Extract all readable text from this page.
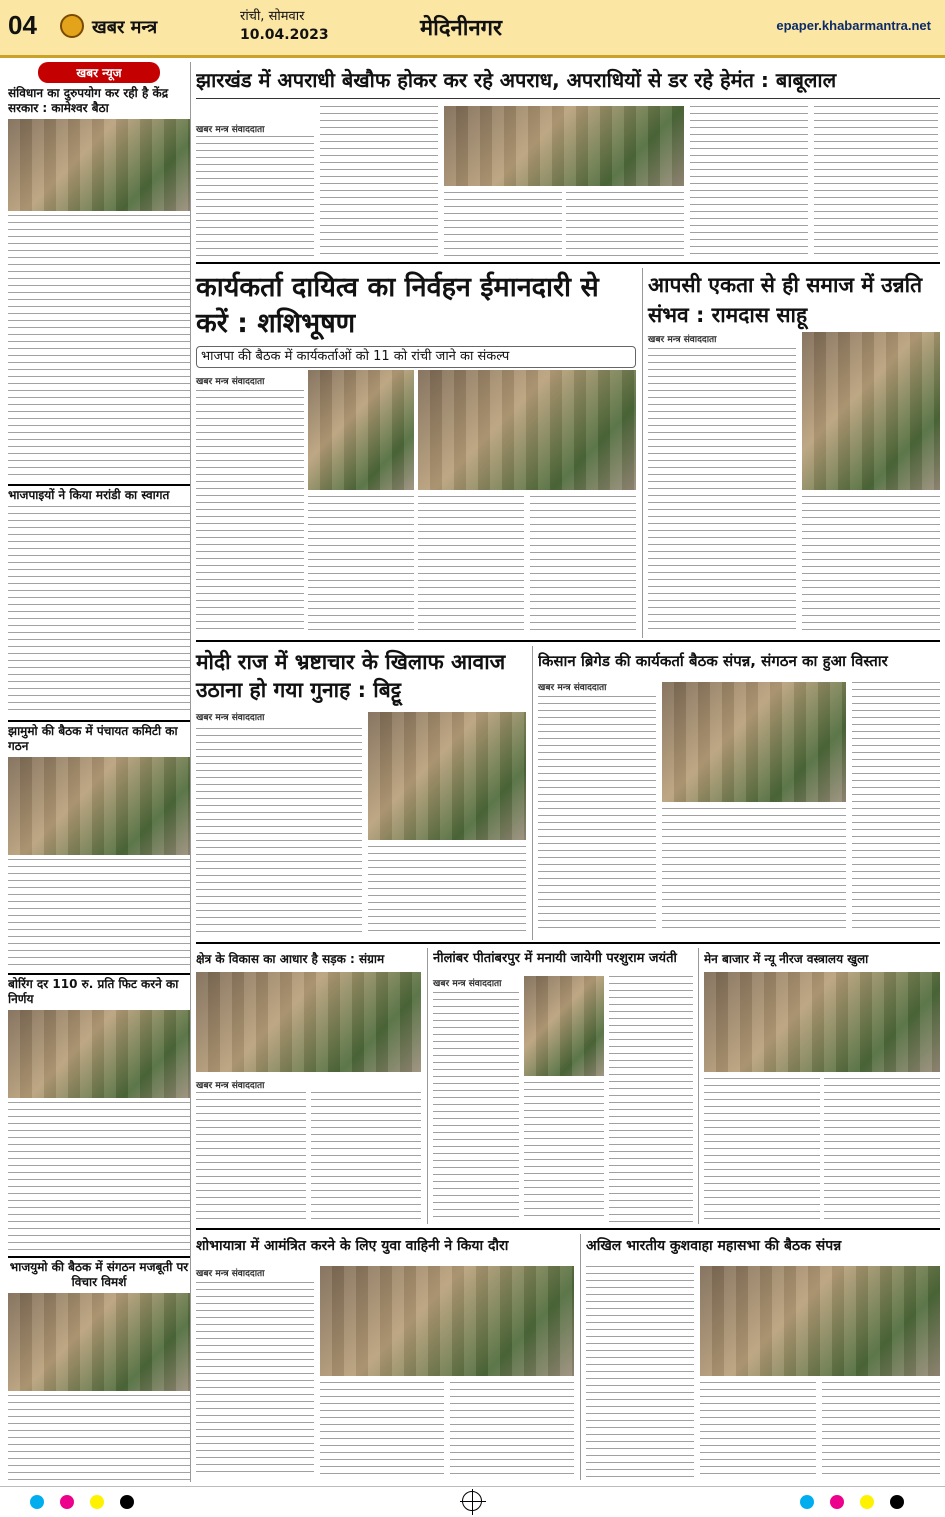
04	खबर मन्त्र
रांची, सोमवार
10.04.2023	मेदिनीनगर	epaper.khabarmantra.net
खबर न्यूज
संविधान का दुरुपयोग कर रही है केंद्र सरकार : कामेश्वर बैठा
भाजपाइयों ने किया मरांडी का स्वागत
झामुमो की बैठक में पंचायत कमिटी का गठन
बोरिंग दर 110 रु. प्रति फिट करने का निर्णय
भाजयुमो की बैठक में संगठन मजबूती पर विचार विमर्श
झारखंड में अपराधी बेखौफ होकर कर रहे अपराध, अपराधियों से डर रहे हेमंत : बाबूलाल
खबर मन्त्र संवाददाता
कार्यकर्ता दायित्व का निर्वहन ईमानदारी से करें : शशिभूषण
भाजपा की बैठक में कार्यकर्ताओं को 11 को रांची जाने का संकल्प
खबर मन्त्र संवाददाता
आपसी एकता से ही समाज में उन्नति संभव : रामदास साहू
खबर मन्त्र संवाददाता
मोदी राज में भ्रष्टाचार के खिलाफ आवाज उठाना हो गया गुनाह : बिट्टू
खबर मन्त्र संवाददाता
किसान ब्रिगेड की कार्यकर्ता बैठक संपन्न, संगठन का हुआ विस्तार
खबर मन्त्र संवाददाता
क्षेत्र के विकास का आधार है सड़क : संग्राम
खबर मन्त्र संवाददाता
नीलांबर पीतांबरपुर में मनायी जायेगी परशुराम जयंती
खबर मन्त्र संवाददाता
मेन बाजार में न्यू नीरज वस्त्रालय खुला
शोभायात्रा में आमंत्रित करने के लिए युवा वाहिनी ने किया दौरा
खबर मन्त्र संवाददाता
अखिल भारतीय कुशवाहा महासभा की बैठक संपन्न
